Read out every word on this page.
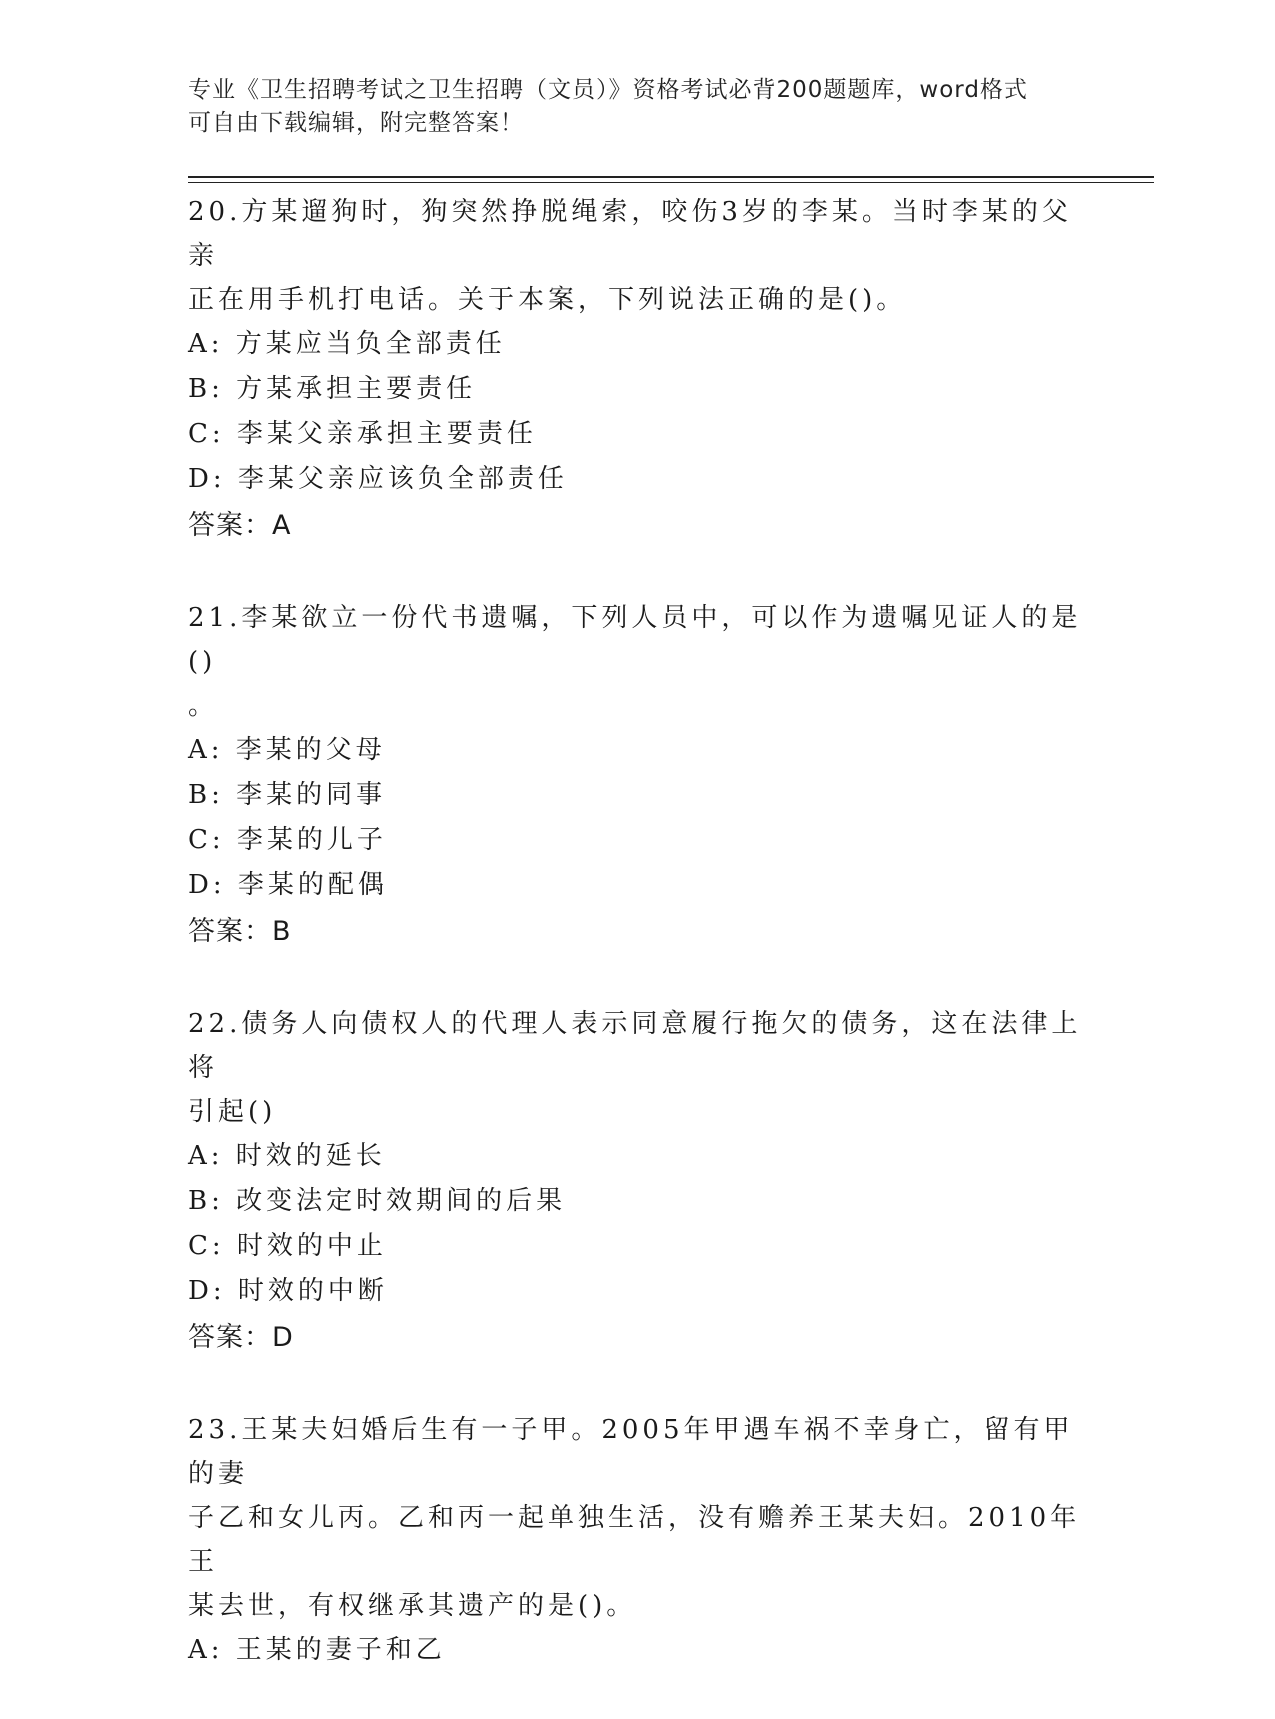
专业《卫生招聘考试之卫生招聘（文员）》资格考试必背200题题库，word格式
可自由下载编辑，附完整答案！

20.方某遛狗时，狗突然挣脱绳索，咬伤3岁的李某。当时李某的父亲

正在用手机打电话。关于本案，下列说法正确的是()。

A: 方某应当负全部责任

B: 方某承担主要责任

C: 李某父亲承担主要责任

D: 李某父亲应该负全部责任

答案：A

21.李某欲立一份代书遗嘱，下列人员中，可以作为遗嘱见证人的是()

。

A: 李某的父母

B: 李某的同事

C: 李某的儿子

D: 李某的配偶

答案：B

22.债务人向债权人的代理人表示同意履行拖欠的债务，这在法律上将

引起()

A: 时效的延长

B: 改变法定时效期间的后果

C: 时效的中止

D: 时效的中断

答案：D

23.王某夫妇婚后生有一子甲。2005年甲遇车祸不幸身亡，留有甲的妻

子乙和女儿丙。乙和丙一起单独生活，没有赡养王某夫妇。2010年王

某去世，有权继承其遗产的是()。

A: 王某的妻子和乙
